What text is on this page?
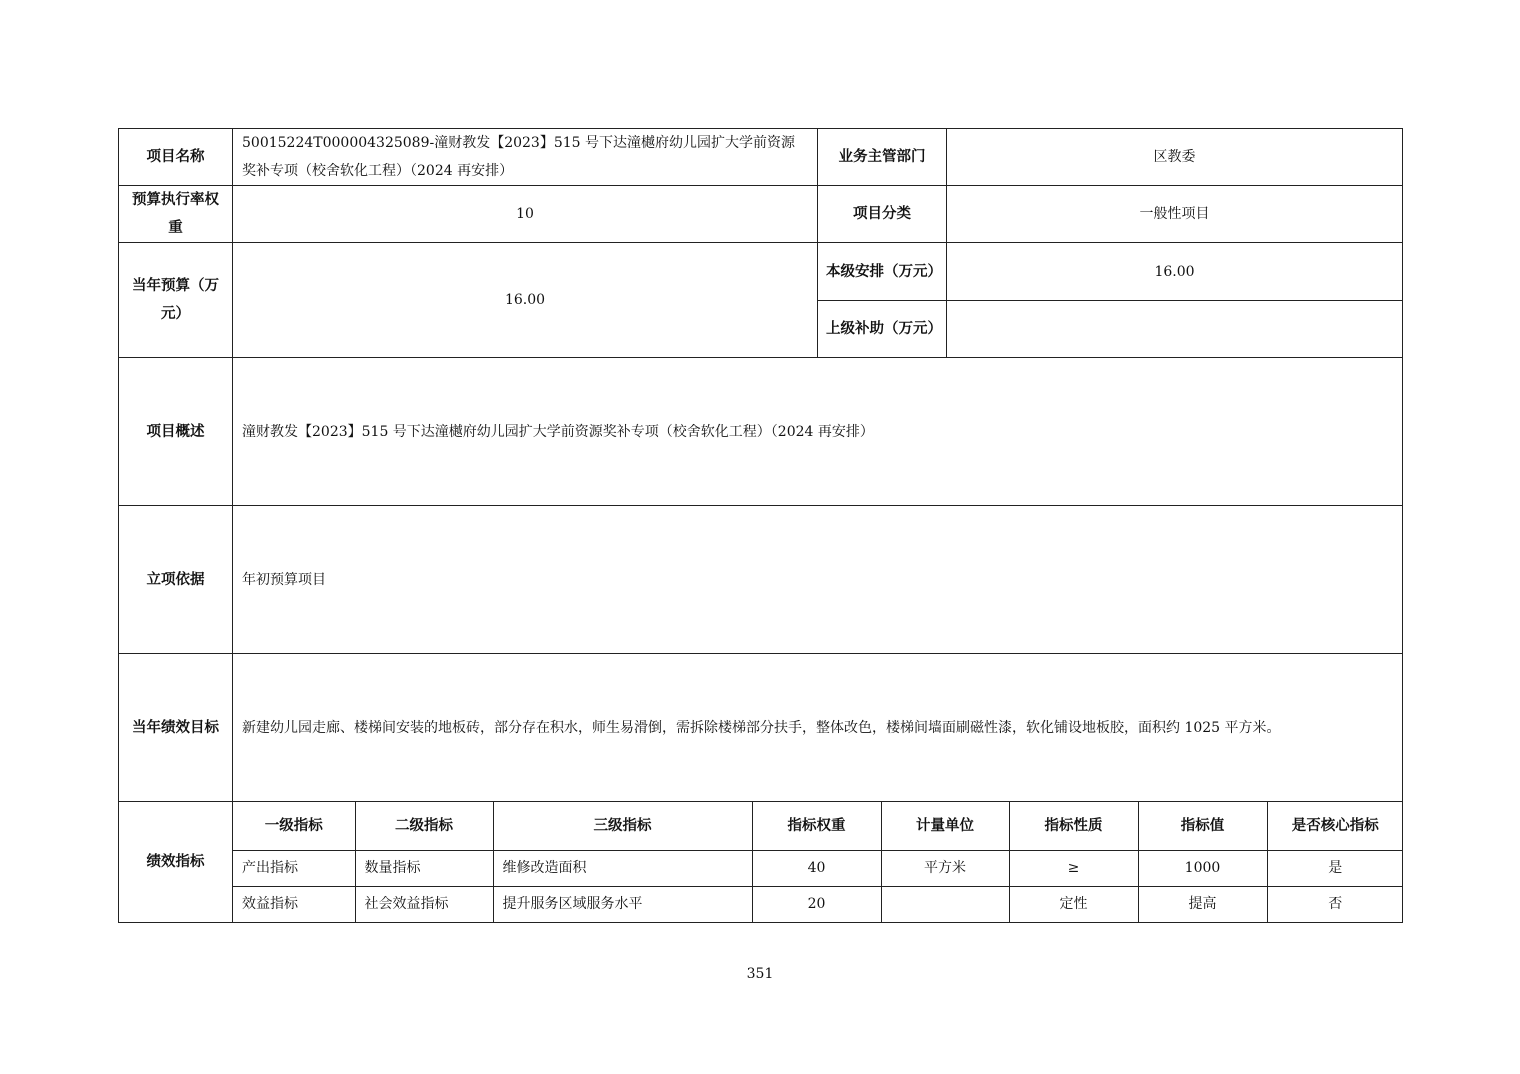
项目名称	50015224T000004325089-潼财教发【2023】515 号下达潼樾府幼儿园扩大学前资源奖补专项（校舍软化工程）（2024 再安排）	业务主管部门	区教委
预算执行率权重	10	项目分类	一般性项目
当年预算（万元）	16.00	本级安排（万元）	16.00
上级补助（万元）	
项目概述	潼财教发【2023】515 号下达潼樾府幼儿园扩大学前资源奖补专项（校舍软化工程）（2024 再安排）
立项依据	年初预算项目
当年绩效目标	新建幼儿园走廊、楼梯间安装的地板砖，部分存在积水，师生易滑倒，需拆除楼梯部分扶手，整体改色，楼梯间墙面刷磁性漆，软化铺设地板胶，面积约 1025 平方米。
绩效指标	
一级指标	二级指标	三级指标	指标权重	计量单位	指标性质	指标值	是否核心指标
产出指标	数量指标	维修改造面积	40	平方米	≥	1000	是
效益指标	社会效益指标	提升服务区域服务水平	20		定性	提高	否
351
